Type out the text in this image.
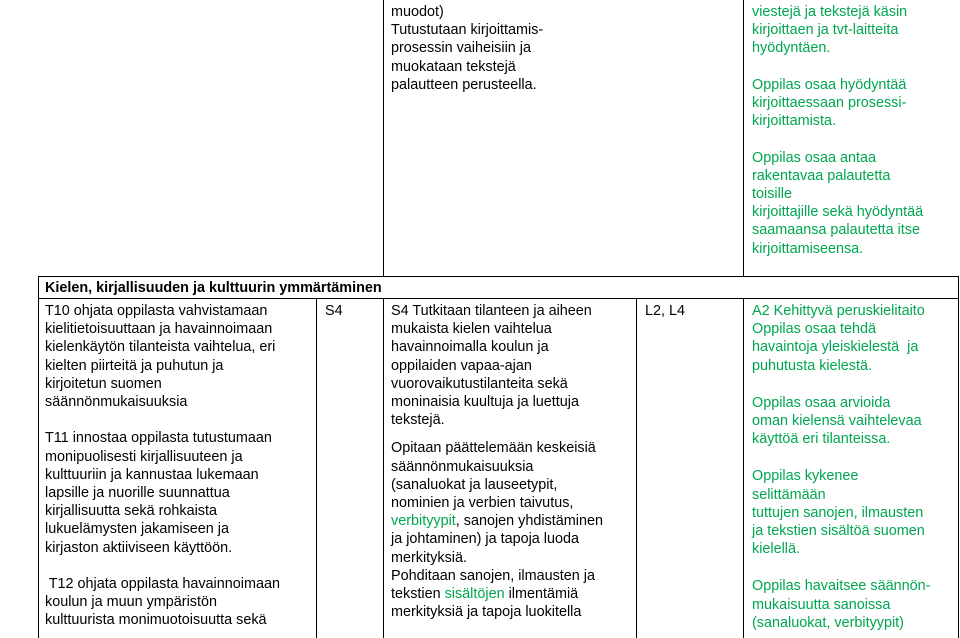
muodot)

Tutustutaan kirjoittamis-

prosessin vaiheisiin ja

muokataan tekstejä

palautteen perusteella.

viestejä ja tekstejä käsin

kirjoittaen ja tvt-laitteita

hyödyntäen.

Oppilas osaa hyödyntää

kirjoittaessaan prosessi-

kirjoittamista.

Oppilas osaa antaa

rakentavaa palautetta

toisille

kirjoittajille sekä hyödyntää

saamaansa palautetta itse

kirjoittamiseensa.

Kielen, kirjallisuuden ja kulttuurin ymmärtäminen

T10 ohjata oppilasta vahvistamaan

kielitietoisuuttaan ja havainnoimaan

kielenkäytön tilanteista vaihtelua, eri

kielten piirteitä ja puhutun ja

kirjoitetun suomen

säännönmukaisuuksia

T11 innostaa oppilasta tutustumaan

monipuolisesti kirjallisuuteen ja

kulttuuriin ja kannustaa lukemaan

lapsille ja nuorille suunnattua

kirjallisuutta sekä rohkaista

lukuelämysten jakamiseen ja

kirjaston aktiiviseen käyttöön.

T12 ohjata oppilasta havainnoimaan

koulun ja muun ympäristön

kulttuurista monimuotoisuutta sekä

S4	S4 Tutkitaan tilanteen ja aiheen

mukaista kielen vaihtelua

havainnoimalla koulun ja

oppilaiden vapaa-ajan

vuorovaikutustilanteita sekä

moninaisia kuultuja ja luettuja

tekstejä.

Opitaan päättelemään keskeisiä

säännönmukaisuuksia

(sanaluokat ja lauseetypit,

nominien ja verbien taivutus,

verbityypit, sanojen yhdistäminen

ja johtaminen) ja tapoja luoda

merkityksiä.

Pohditaan sanojen, ilmausten ja

tekstien sisältöjen ilmentämiä

merkityksiä ja tapoja luokitella

L2, L4	A2 Kehittyvä peruskielitaito

Oppilas osaa tehdä

havaintoja yleiskielestä  ja

puhutusta kielestä.

Oppilas osaa arvioida

oman kielensä vaihtelevaa

käyttöä eri tilanteissa.

Oppilas kykenee

selittämään

tuttujen sanojen, ilmausten

ja tekstien sisältöä suomen

kielellä.

Oppilas havaitsee säännön-

mukaisuutta sanoissa

(sanaluokat, verbityypit)
